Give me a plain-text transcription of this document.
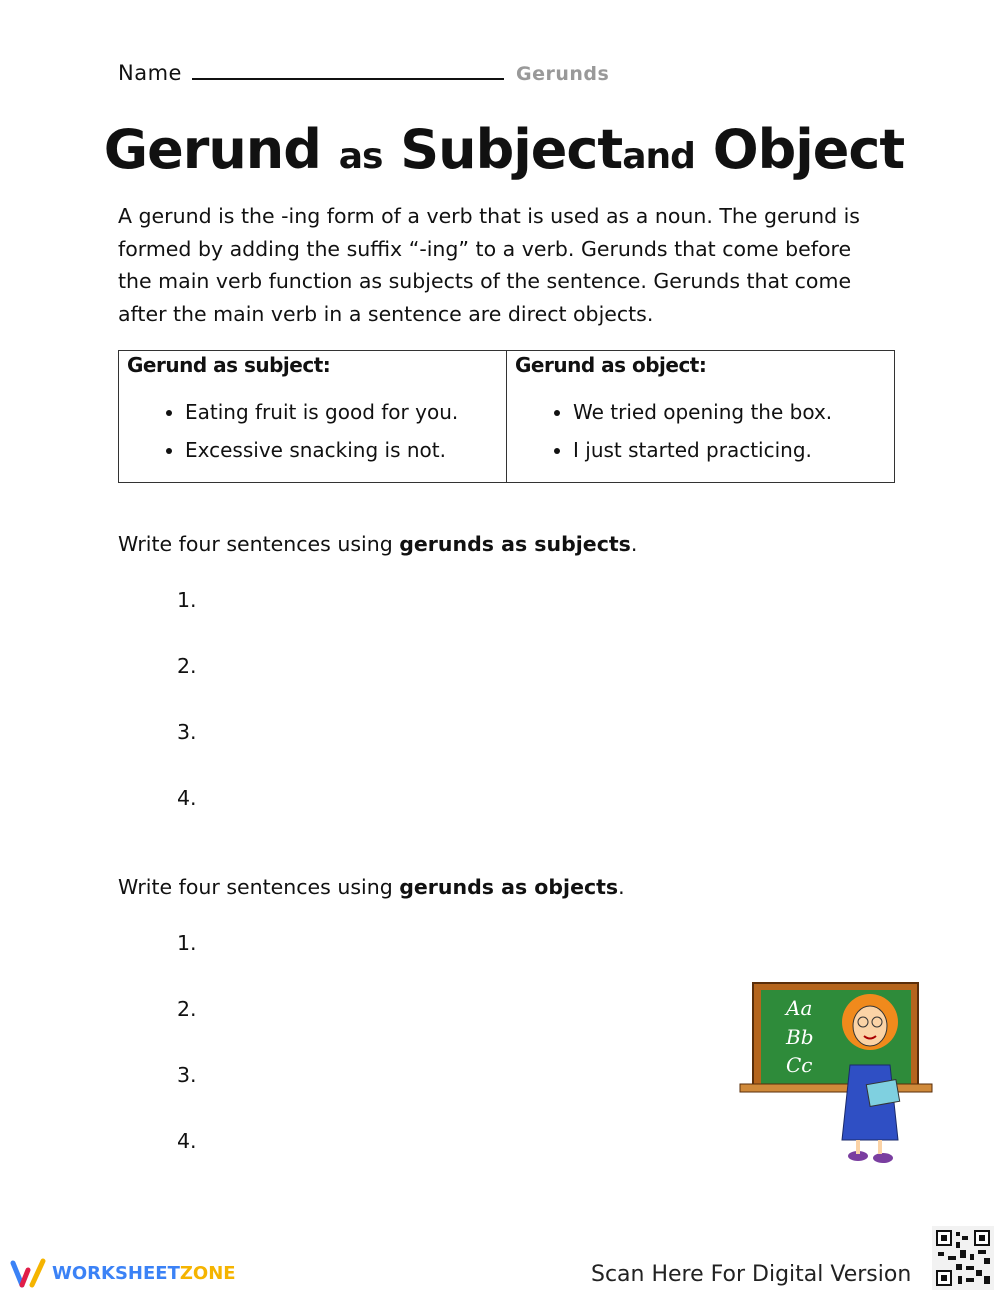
Name	Gerunds
Gerund as Subjectand Object
A gerund is the -ing form of a verb that is used as a noun. The gerund is formed by adding the suffix “-ing” to a verb. Gerunds that come before the main verb function as subjects of the sentence. Gerunds that come after the main verb in a sentence are direct objects.
Gerund as subject:
• Eating fruit is good for you.
• Excessive snacking is not.
Gerund as object:
• We tried opening the box.
• I just started practicing.
Write four sentences using gerunds as subjects.
1.
2.
3.
4.
Write four sentences using gerunds as objects.
1.
2.
3.
4.
Aa
Bb
Cc
WORKSHEET ZONE	Scan Here For Digital Version
